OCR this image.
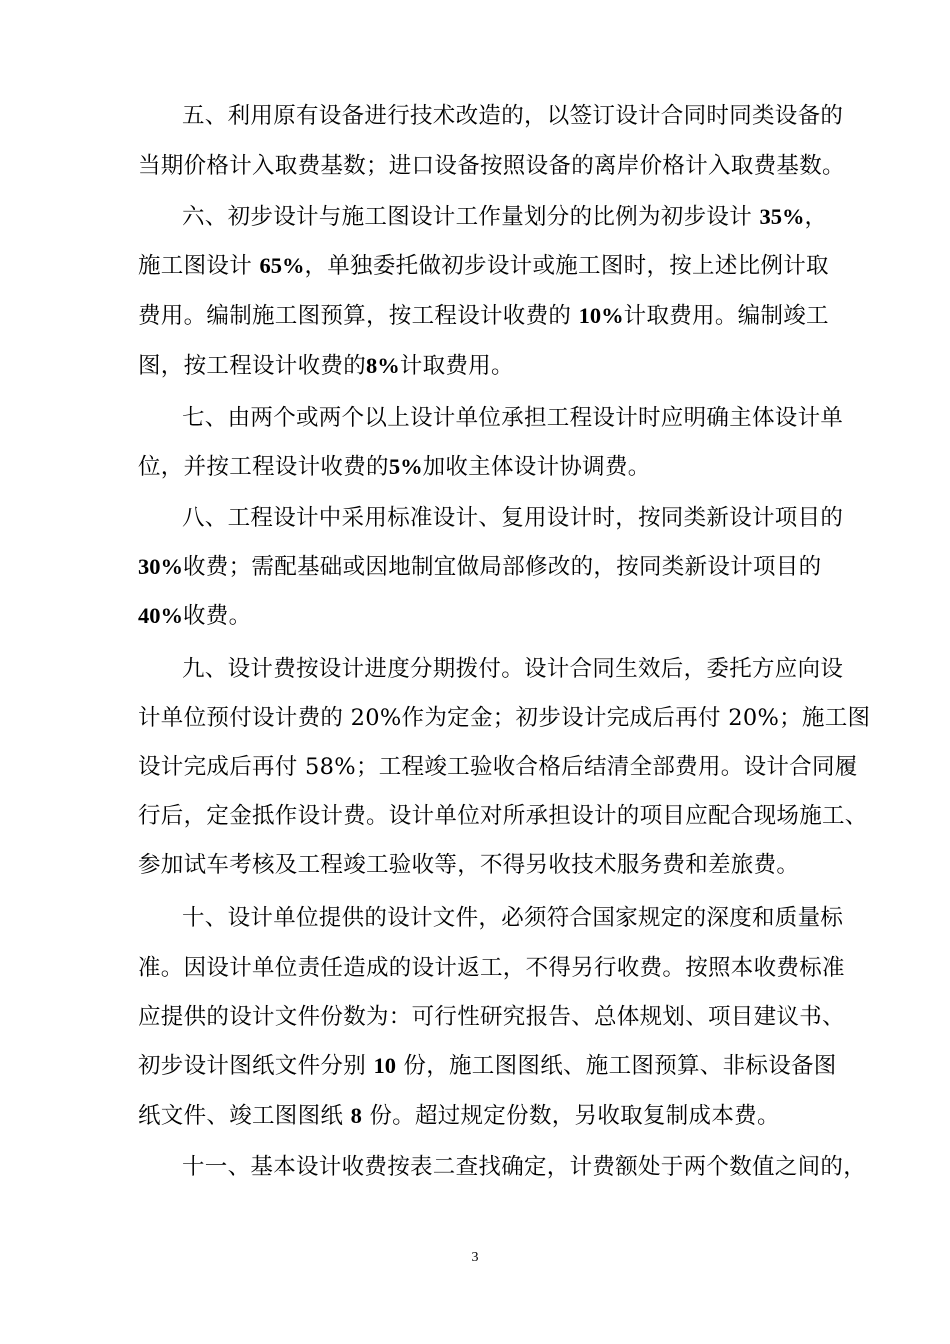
五、利用原有设备进行技术改造的，以签订设计合同时同类设备的
当期价格计入取费基数；进口设备按照设备的离岸价格计入取费基数。
六、初步设计与施工图设计工作量划分的比例为初步设计 35%，
施工图设计 65%，单独委托做初步设计或施工图时，按上述比例计取
费用。编制施工图预算，按工程设计收费的 10%计取费用。编制竣工
图，按工程设计收费的8%计取费用。
七、由两个或两个以上设计单位承担工程设计时应明确主体设计单
位，并按工程设计收费的5%加收主体设计协调费。
八、工程设计中采用标准设计、复用设计时，按同类新设计项目的
30%收费；需配基础或因地制宜做局部修改的，按同类新设计项目的
40%收费。
九、设计费按设计进度分期拨付。设计合同生效后，委托方应向设
计单位预付设计费的 20%作为定金；初步设计完成后再付 20%；施工图
设计完成后再付 58%；工程竣工验收合格后结清全部费用。设计合同履
行后，定金抵作设计费。设计单位对所承担设计的项目应配合现场施工、
参加试车考核及工程竣工验收等，不得另收技术服务费和差旅费。
十、设计单位提供的设计文件，必须符合国家规定的深度和质量标
准。因设计单位责任造成的设计返工，不得另行收费。按照本收费标准
应提供的设计文件份数为：可行性研究报告、总体规划、项目建议书、
初步设计图纸文件分别 10 份，施工图图纸、施工图预算、非标设备图
纸文件、竣工图图纸 8 份。超过规定份数，另收取复制成本费。
十一、基本设计收费按表二查找确定，计费额处于两个数值之间的，
3
